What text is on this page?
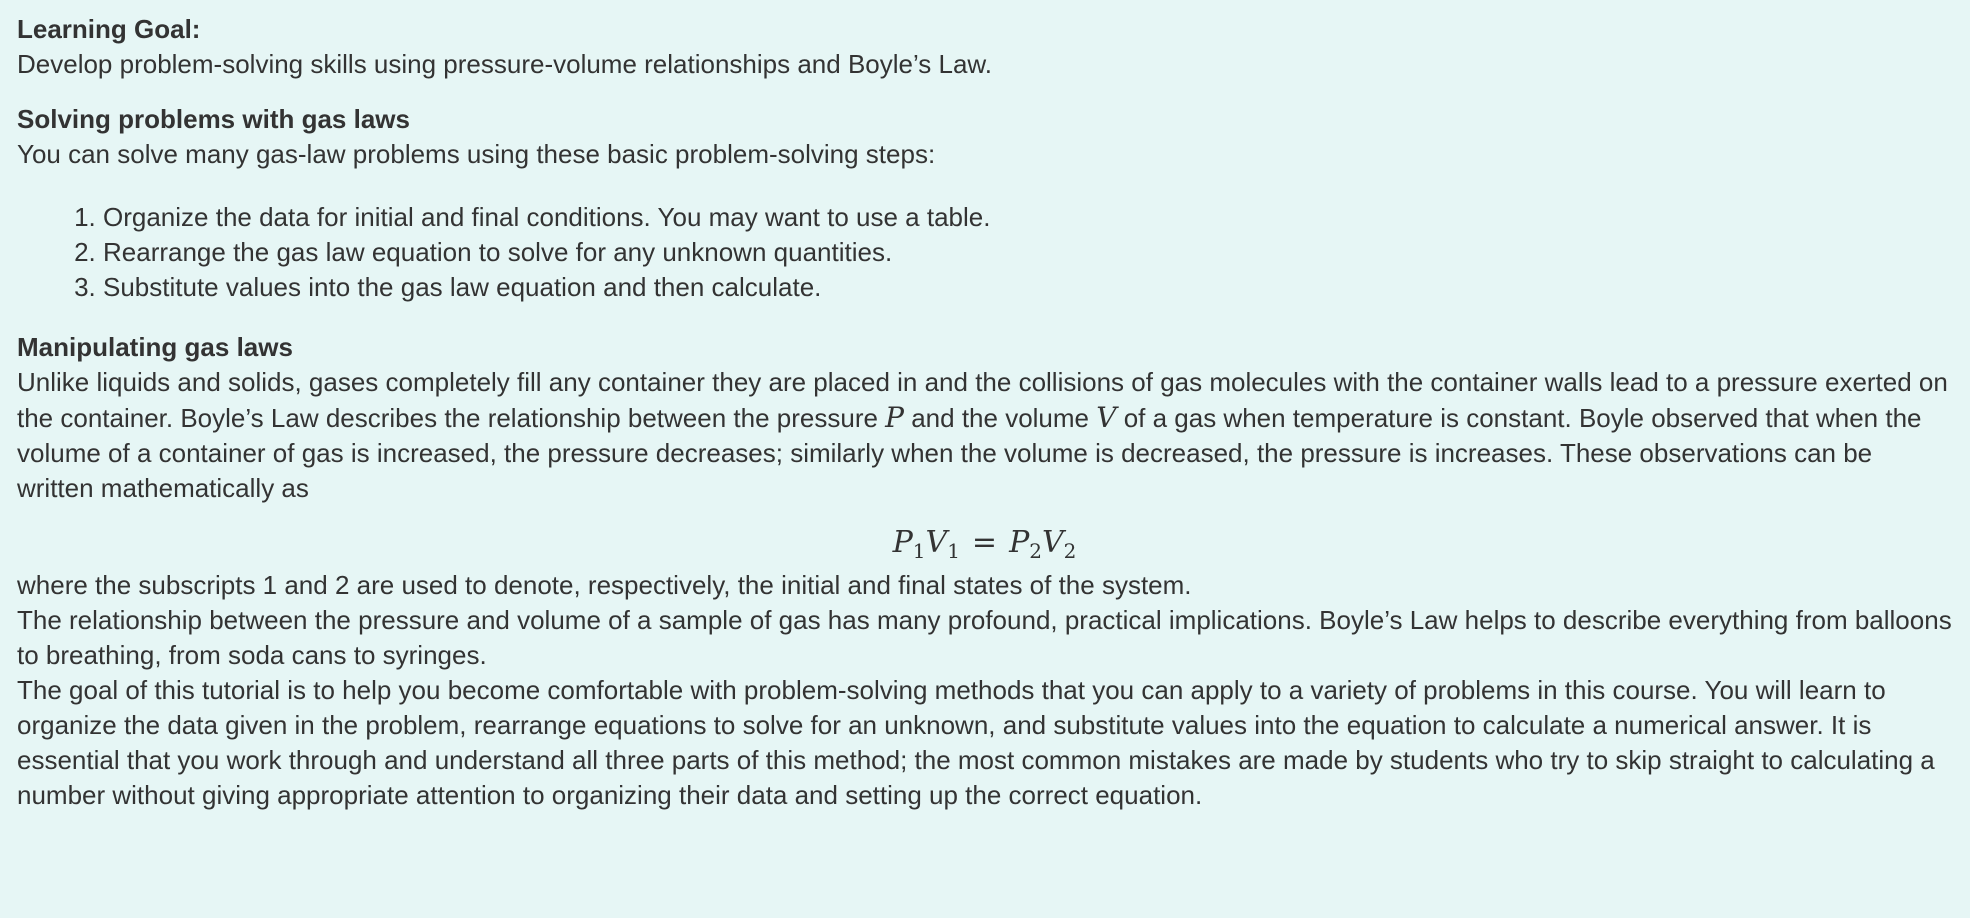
Learning Goal:

Develop problem-solving skills using pressure-volume relationships and Boyle’s Law.

Solving problems with gas laws

You can solve many gas-law problems using these basic problem-solving steps:

1. Organize the data for initial and final conditions. You may want to use a table.
2. Rearrange the gas law equation to solve for any unknown quantities.
3. Substitute values into the gas law equation and then calculate.
Manipulating gas laws

Unlike liquids and solids, gases completely fill any container they are placed in and the collisions of gas molecules with the container walls lead to a pressure exerted on the container. Boyle’s Law describes the relationship between the pressure P and the volume V of a gas when temperature is constant. Boyle observed that when the volume of a container of gas is increased, the pressure decreases; similarly when the volume is decreased, the pressure is increases. These observations can be written mathematically as

$P_1V_1 = P_2V_2$

where the subscripts 1 and 2 are used to denote, respectively, the initial and final states of the system.

The relationship between the pressure and volume of a sample of gas has many profound, practical implications. Boyle’s Law helps to describe everything from balloons to breathing, from soda cans to syringes.

The goal of this tutorial is to help you become comfortable with problem-solving methods that you can apply to a variety of problems in this course. You will learn to organize the data given in the problem, rearrange equations to solve for an unknown, and substitute values into the equation to calculate a numerical answer. It is essential that you work through and understand all three parts of this method; the most common mistakes are made by students who try to skip straight to calculating a number without giving appropriate attention to organizing their data and setting up the correct equation.
